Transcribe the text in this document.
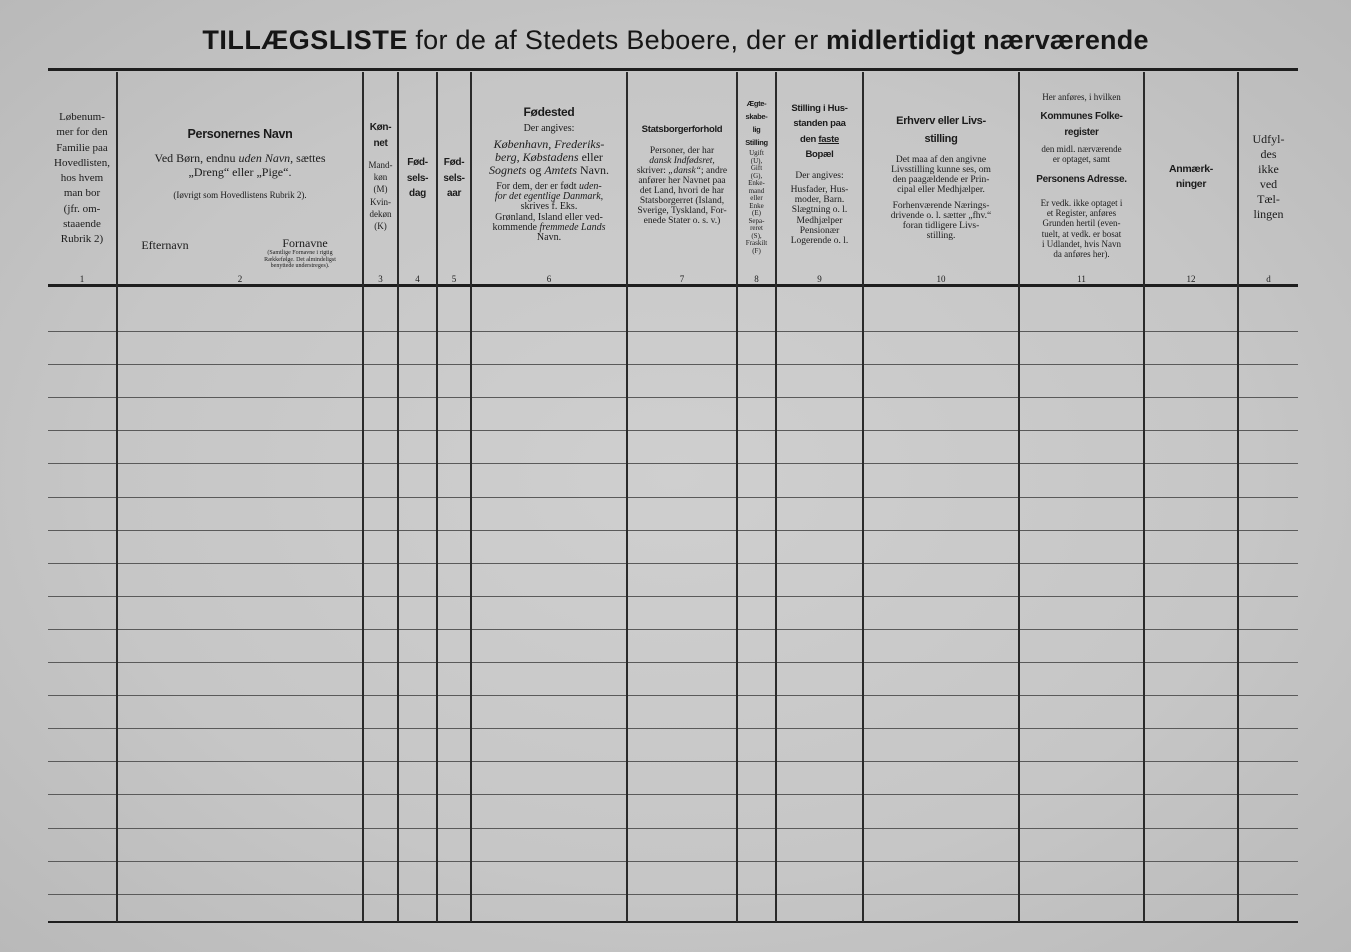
TILLÆGSLISTE for de af Stedets Beboere, der er midlertidigt nærværende
Løbenum-
mer for den
Familie paa
Hovedlisten,
hos hvem
man bor
(jfr. om-
staaende
Rubrik 2)
1
Personernes Navn
Ved Børn, endnu uden Navn, sættes
„Dreng“ eller „Pige“.
(Iøvrigt som Hovedlistens Rubrik 2).
Efternavn	Fornavne
(Samtlige Fornavne i rigtig
Rækkefølge. Det almindeligst
benyttede understreges).
2
Køn-
net
Mand-
køn
(M)
Kvin-
dekøn
(K)
3
Fød-
sels-
dag
4
Fød-
sels-
aar
5
Fødested
Der angives:
København, Frederiks-
berg, Købstadens eller
Sognets og Amtets Navn.
For dem, der er født uden-
for det egentlige Danmark,
skrives f. Eks.
Grønland, Island eller ved-
kommende fremmede Lands
Navn.
6
Statsborgerforhold
Personer, der har
dansk Indfødsret,
skriver: „dansk“; andre
anfører her Navnet paa
det Land, hvori de har
Statsborgerret (Island,
Sverige, Tyskland, For-
enede Stater o. s. v.)
7
Ægte-
skabe-
lig
Stilling
Ugift
(U),
Gift
(G),
Enke-
mand
eller
Enke
(E)
Sepa-
reret
(S),
Fraskilt
(F)
8
Stilling i Hus-
standen paa
den faste
Bopæl
Der angives:
Husfader, Hus-
moder, Barn.
Slægtning o. l.
Medhjælper
Pensionær
Logerende o. l.
9
Erhverv eller Livs-
stilling
Det maa af den angivne
Livsstilling kunne ses, om
den paagældende er Prin-
cipal eller Medhjælper.
Forhenværende Nærings-
drivende o. l. sætter „fhv.“
foran tidligere Livs-
stilling.
10
Her anføres, i hvilken
Kommunes Folke-
register
den midl. nærværende
er optaget, samt
Personens Adresse.
Er vedk. ikke optaget i
et Register, anføres
Grunden hertil (even-
tuelt, at vedk. er bosat
i Udlandet, hvis Navn
da anføres her).
11
Anmærk-
ninger
12
Udfyl-
des
ikke
ved
Tæl-
lingen
d
